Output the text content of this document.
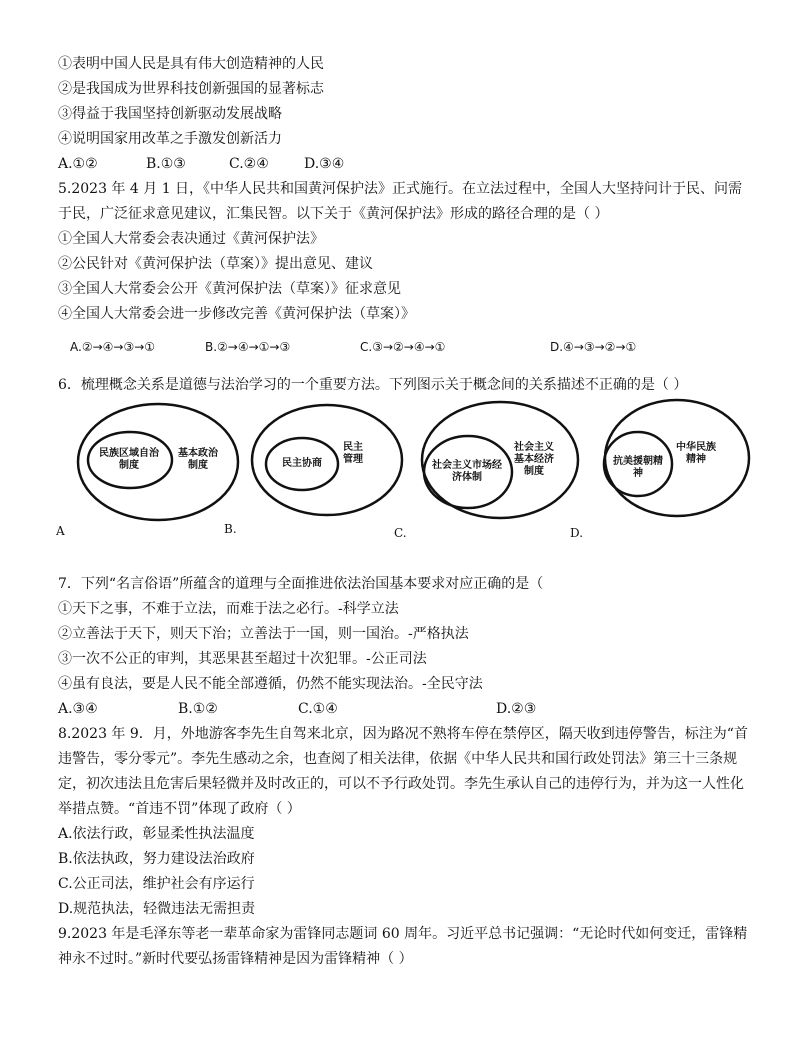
①表明中国人民是具有伟大创造精神的人民
②是我国成为世界科技创新强国的显著标志
③得益于我国坚持创新驱动发展战略
④说明国家用改革之手激发创新活力
A.①②	B.①③	C.②④	D.③④
5.2023 年 4 月 1 日，《中华人民共和国黄河保护法》正式施行。在立法过程中，全国人大坚持问计于民、问需于民，广泛征求意见建议，汇集民智。以下关于《黄河保护法》形成的路径合理的是（ ）
①全国人大常委会表决通过《黄河保护法》
②公民针对《黄河保护法（草案）》提出意见、建议
③全国人大常委会公开《黄河保护法（草案）》征求意见
④全国人大常委会进一步修改完善《黄河保护法（草案）》
A.②→④→③→①	B.②→④→①→③	C.③→②→④→①	D.④→③→②→①
6．梳理概念关系是道德与法治学习的一个重要方法。下列图示关于概念间的关系描述不正确的是（ ）
民族区域自治制度
基本政治制度
A
民主协商
民主管理
B.
社会主义市场经济体制
社会主义基本经济制度
C.
抗美援朝精神
中华民族精神
D.
7．下列“名言俗语”所蕴含的道理与全面推进依法治国基本要求对应正确的是（
①天下之事，不难于立法，而难于法之必行。-科学立法
②立善法于天下，则天下治；立善法于一国，则一国治。-严格执法
③一次不公正的审判，其恶果甚至超过十次犯罪。-公正司法
④虽有良法，要是人民不能全部遵循，仍然不能实现法治。-全民守法
A.③④	B.①②	C.①④	D.②③
8.2023 年 9．月，外地游客李先生自驾来北京，因为路况不熟将车停在禁停区，隔天收到违停警告，标注为“首违警告，零分零元”。李先生感动之余，也查阅了相关法律，依据《中华人民共和国行政处罚法》第三十三条规定，初次违法且危害后果轻微并及时改正的，可以不予行政处罚。李先生承认自己的违停行为，并为这一人性化举措点赞。“首违不罚”体现了政府（ ）
A.依法行政，彰显柔性执法温度
B.依法执政，努力建设法治政府
C.公正司法，维护社会有序运行
D.规范执法，轻微违法无需担责
9.2023 年是毛泽东等老一辈革命家为雷锋同志题词 60 周年。习近平总书记强调：“无论时代如何变迁，雷锋精神永不过时。”新时代要弘扬雷锋精神是因为雷锋精神（ ）
